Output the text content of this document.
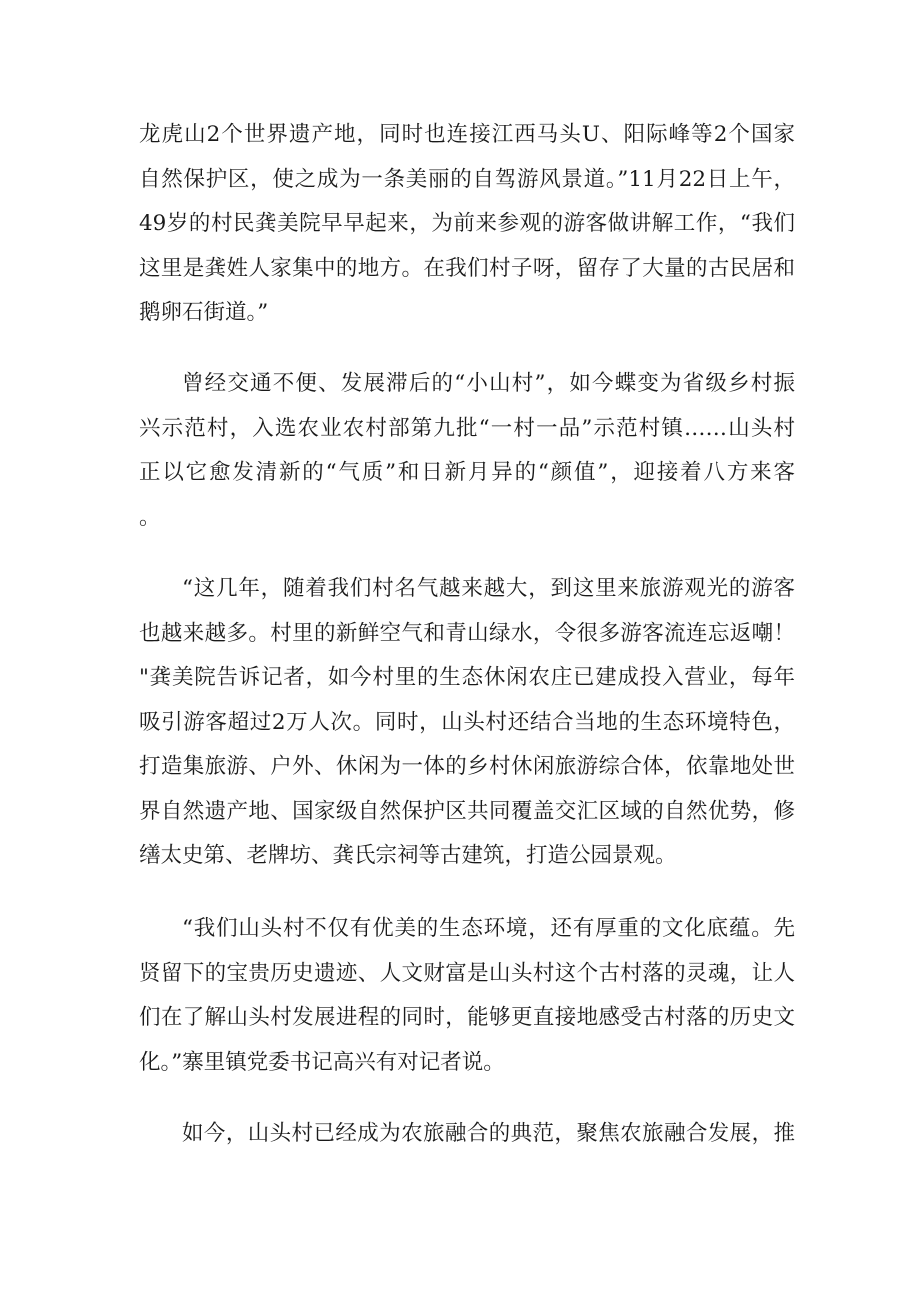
龙虎山2个世界遗产地，同时也连接江西马头U、阳际峰等2个国家
自然保护区，使之成为一条美丽的自驾游风景道。”11月22日上午，
49岁的村民龚美院早早起来，为前来参观的游客做讲解工作，“我们
这里是龚姓人家集中的地方。在我们村子呀，留存了大量的古民居和
鹅卵石街道。”
曾经交通不便、发展滞后的“小山村”，如今蝶变为省级乡村振
兴示范村，入选农业农村部第九批“一村一品”示范村镇……山头村
正以它愈发清新的“气质”和日新月异的“颜值”，迎接着八方来客
。
“这几年，随着我们村名气越来越大，到这里来旅游观光的游客
也越来越多。村里的新鲜空气和青山绿水，令很多游客流连忘返嘲！
"龚美院告诉记者，如今村里的生态休闲农庄已建成投入营业，每年
吸引游客超过2万人次。同时，山头村还结合当地的生态环境特色，
打造集旅游、户外、休闲为一体的乡村休闲旅游综合体，依靠地处世
界自然遗产地、国家级自然保护区共同覆盖交汇区域的自然优势，修
缮太史第、老牌坊、龚氏宗祠等古建筑，打造公园景观。
“我们山头村不仅有优美的生态环境，还有厚重的文化底蕴。先
贤留下的宝贵历史遗迹、人文财富是山头村这个古村落的灵魂，让人
们在了解山头村发展进程的同时，能够更直接地感受古村落的历史文
化。”寨里镇党委书记高兴有对记者说。
如今，山头村已经成为农旅融合的典范，聚焦农旅融合发展，推
